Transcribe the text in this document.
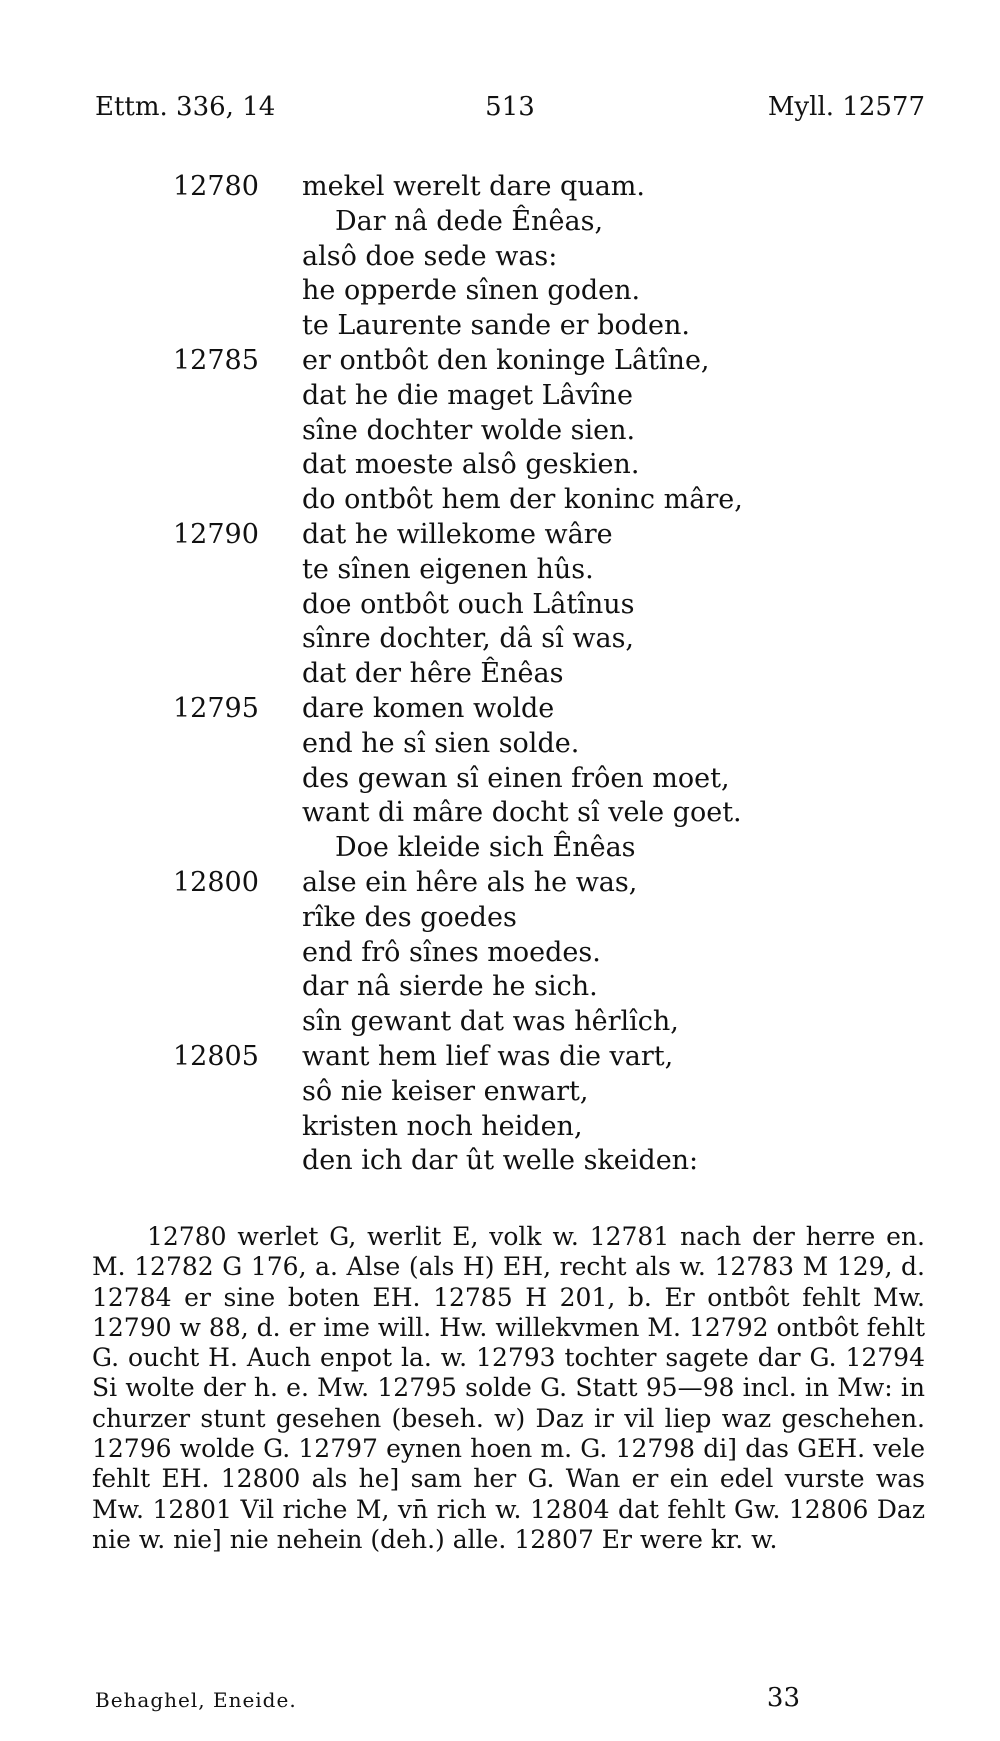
Ettm. 336, 14	513	Myll. 12577
12780 mekel werelt dare quam.
Dar nâ dede Ênêas,
alsô doe sede was:
he opperde sînen goden.
te Laurente sande er boden.
12785 er ontbôt den koninge Lâtîne,
dat he die maget Lâvîne
sîne dochter wolde sien.
dat moeste alsô geskien.
do ontbôt hem der koninc mâre,
12790 dat he willekome wâre
te sînen eigenen hûs.
doe ontbôt ouch Lâtînus
sînre dochter, dâ sî was,
dat der hêre Ênêas
12795 dare komen wolde
end he sî sien solde.
des gewan sî einen frôen moet,
want di mâre docht sî vele goet.
Doe kleide sich Ênêas
12800 alse ein hêre als he was,
rîke des goedes
end frô sînes moedes.
dar nâ sierde he sich.
sîn gewant dat was hêrlîch,
12805 want hem lief was die vart,
sô nie keiser enwart,
kristen noch heiden,
den ich dar ût welle skeiden:

12780 werlet G, werlit E, volk w. 12781 nach der herre en. M. 12782 G 176, a. Alse (als H) EH, recht als w. 12783 M 129, d. 12784 er sine boten EH. 12785 H 201, b. Er ontbôt fehlt Mw. 12790 w 88, d. er ime will. Hw. willekvmen M. 12792 ontbôt fehlt G. oucht H. Auch enpot la. w. 12793 tochter sagete dar G. 12794 Si wolte der h. e. Mw. 12795 solde G. Statt 95—98 incl. in Mw: in churzer stunt gesehen (beseh. w) Daz ir vil liep waz geschehen. 12796 wolde G. 12797 eynen hoen m. G. 12798 di] das GEH. vele fehlt EH. 12800 als he] sam her G. Wan er ein edel vurste was Mw. 12801 Vil riche M, vn̄ rich w. 12804 dat fehlt Gw. 12806 Daz nie w. nie] nie nehein (deh.) alle. 12807 Er were kr. w.

Behaghel, Eneide.	33
